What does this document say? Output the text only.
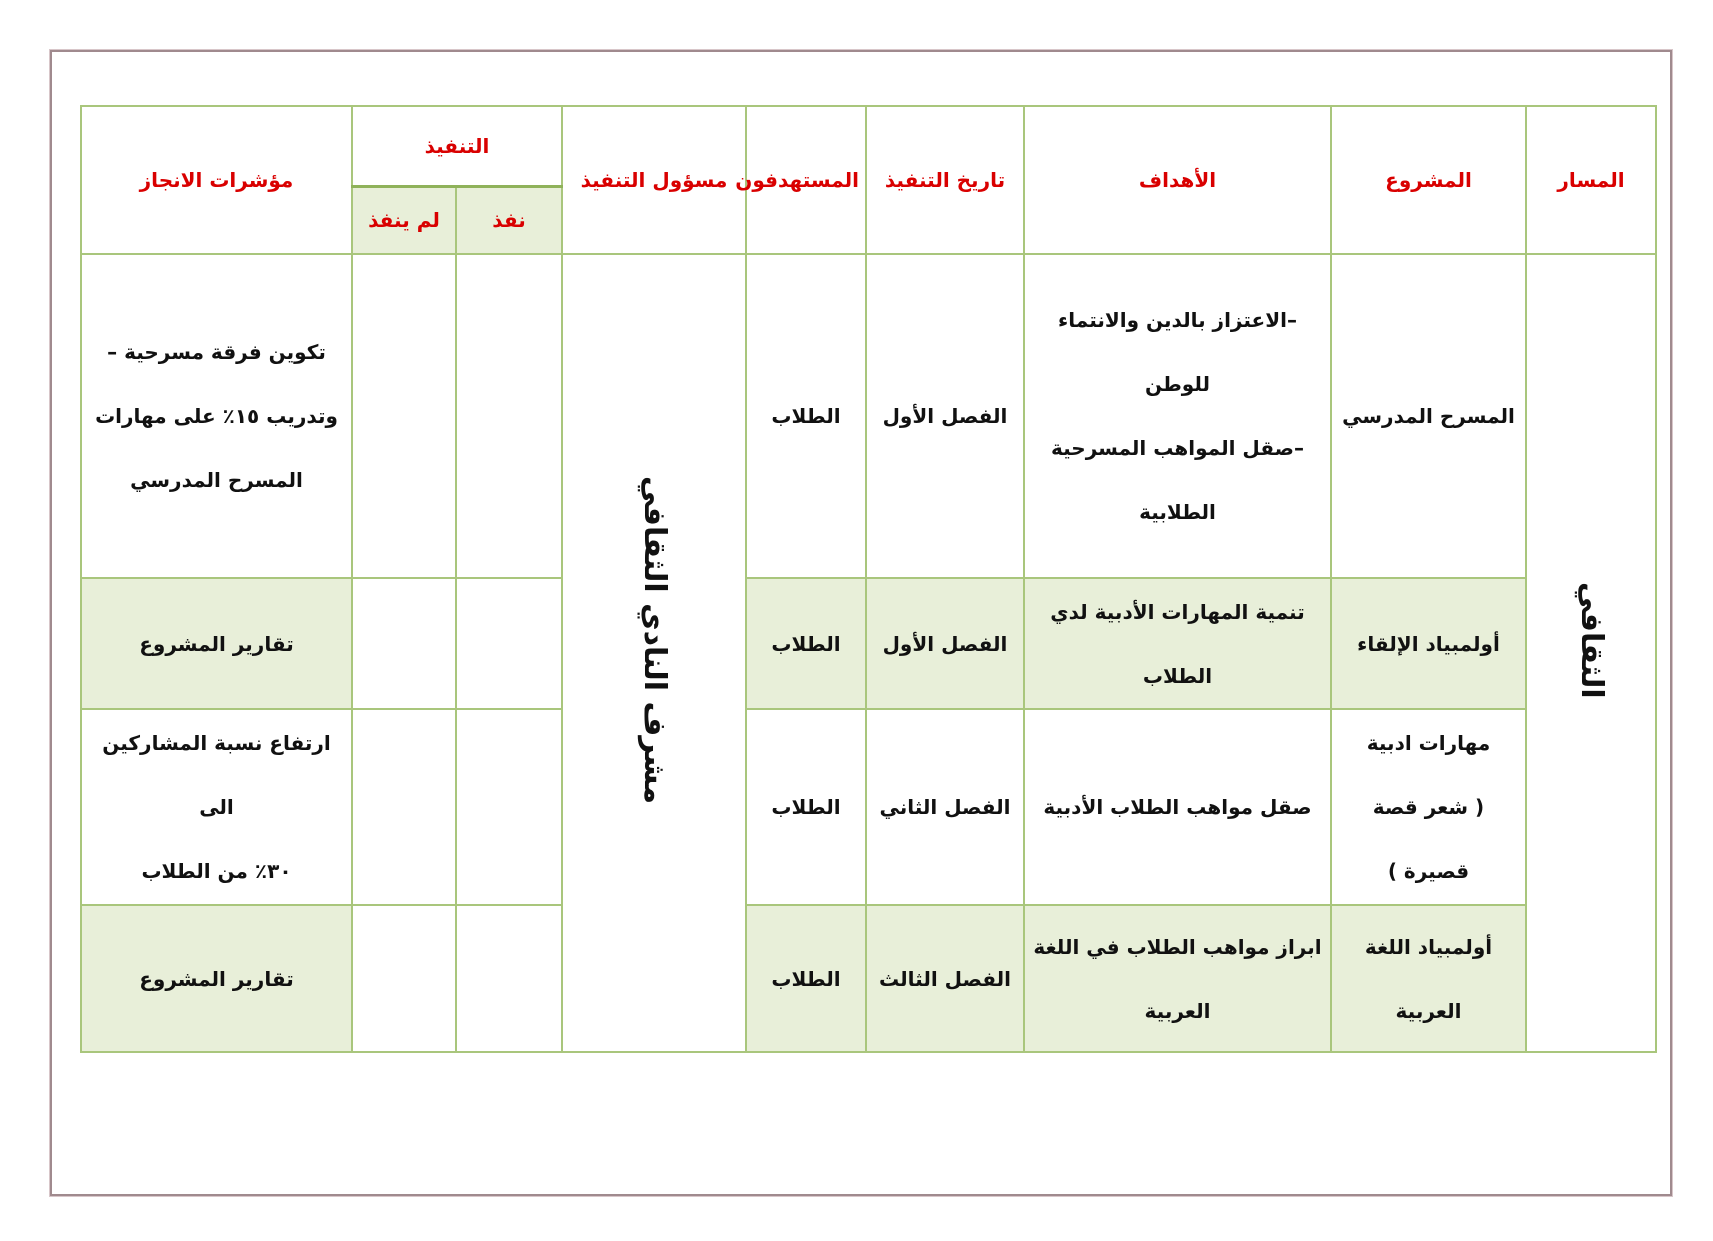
المسار	المشروع	الأهداف	تاريخ التنفيذ	المستهدفون	مسؤول التنفيذ	التنفيذ		مؤشرات الانجاز
						نفذ	لم ينفذ	
الثقافي	المسرح المدرسي	–الاعتزاز بالدين والانتماء
للوطن
–صقل المواهب المسرحية
الطلابية	الفصل الأول	الطلاب	مشرف النادي الثقافي			تكوين فرقة مسرحية –
وتدريب ١٥٪ على مهارات
المسرح المدرسي

	أولمبياد الإلقاء	تنمية المهارات الأدبية لدي
الطلاب	الفصل الأول	الطلاب				تقارير المشروع

	مهارات ادبية
( شعر قصة
قصيرة )	صقل مواهب الطلاب الأدبية	الفصل الثاني	الطلاب				ارتفاع نسبة المشاركين الى
٣٠٪ من الطلاب

	أولمبياد اللغة
العربية	ابراز مواهب الطلاب في اللغة
العربية	الفصل الثالث	الطلاب				تقارير المشروع
